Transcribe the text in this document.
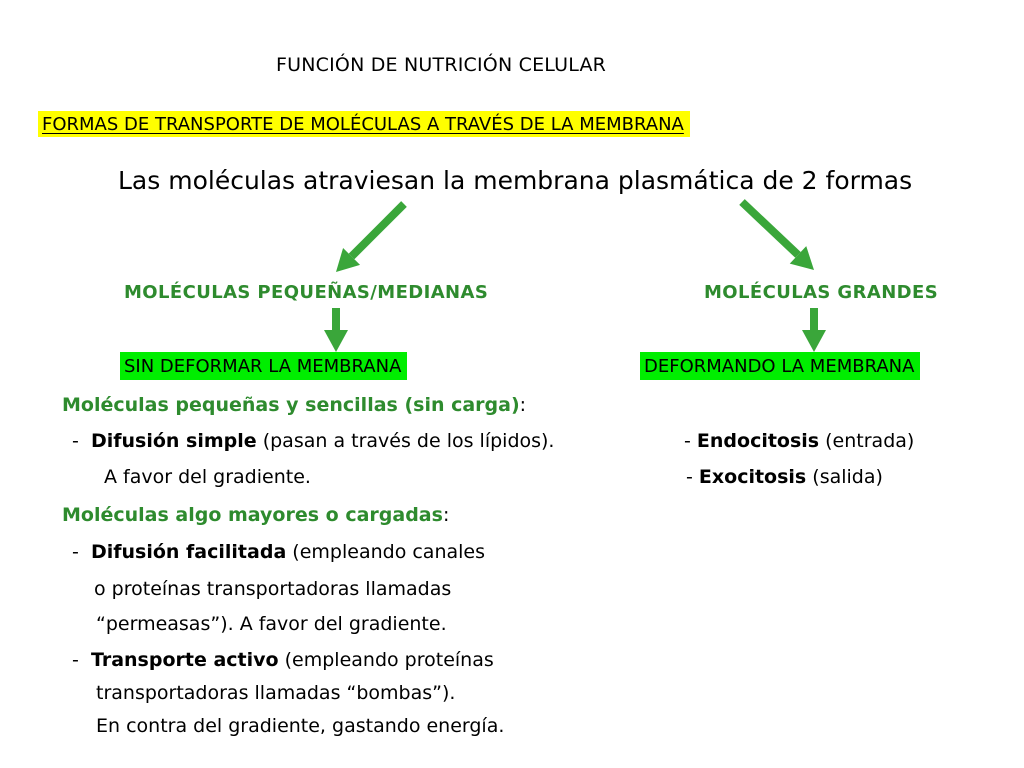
FUNCIÓN DE NUTRICIÓN CELULAR
FORMAS DE TRANSPORTE DE MOLÉCULAS A TRAVÉS DE LA MEMBRANA
Las moléculas atraviesan la membrana plasmática de 2 formas
MOLÉCULAS PEQUEÑAS/MEDIANAS	MOLÉCULAS GRANDES
SIN DEFORMAR LA MEMBRANA	DEFORMANDO LA MEMBRANA
Moléculas pequeñas y sencillas (sin carga):
- Difusión simple (pasan a través de los lípidos).
A favor del gradiente.
Moléculas algo mayores o cargadas:
- Difusión facilitada (empleando canales
o proteínas transportadoras llamadas
“permeasas”). A favor del gradiente.
- Transporte activo (empleando proteínas
transportadoras llamadas “bombas”).
En contra del gradiente, gastando energía.
- Endocitosis (entrada)
- Exocitosis (salida)
